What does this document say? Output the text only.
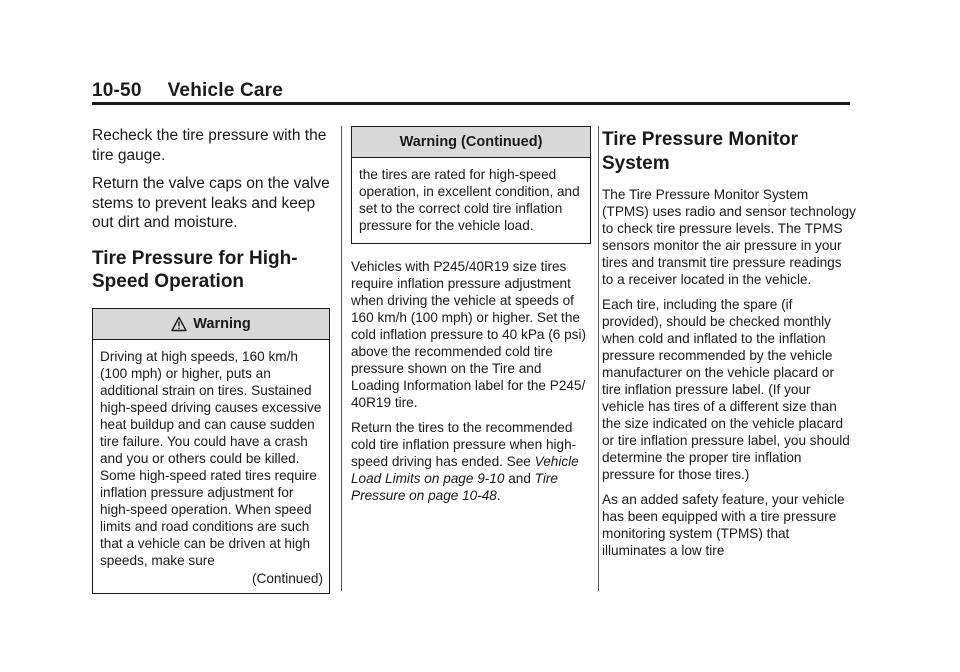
10-50 Vehicle Care

Recheck the tire pressure with the tire gauge.

Return the valve caps on the valve stems to prevent leaks and keep out dirt and moisture.

Tire Pressure for High-Speed Operation
Warning
Driving at high speeds, 160 km/h (100 mph) or higher, puts an additional strain on tires. Sustained high-speed driving causes excessive heat buildup and can cause sudden tire failure. You could have a crash and you or others could be killed. Some high-speed rated tires require inflation pressure adjustment for high-speed operation. When speed limits and road conditions are such that a vehicle can be driven at high speeds, make sure
(Continued)
Warning (Continued)
the tires are rated for high-speed operation, in excellent condition, and set to the correct cold tire inflation pressure for the vehicle load.

Vehicles with P245/40R19 size tires require inflation pressure adjustment when driving the vehicle at speeds of 160 km/h (100 mph) or higher. Set the cold inflation pressure to 40 kPa (6 psi) above the recommended cold tire pressure shown on the Tire and Loading Information label for the P245/ 40R19 tire.

Return the tires to the recommended cold tire inflation pressure when high-speed driving has ended. See Vehicle Load Limits on page 9-10 and Tire Pressure on page 10-48.

Tire Pressure Monitor System

The Tire Pressure Monitor System (TPMS) uses radio and sensor technology to check tire pressure levels. The TPMS sensors monitor the air pressure in your tires and transmit tire pressure readings to a receiver located in the vehicle.

Each tire, including the spare (if provided), should be checked monthly when cold and inflated to the inflation pressure recommended by the vehicle manufacturer on the vehicle placard or tire inflation pressure label. (If your vehicle has tires of a different size than the size indicated on the vehicle placard or tire inflation pressure label, you should determine the proper tire inflation pressure for those tires.)

As an added safety feature, your vehicle has been equipped with a tire pressure monitoring system (TPMS) that illuminates a low tire
